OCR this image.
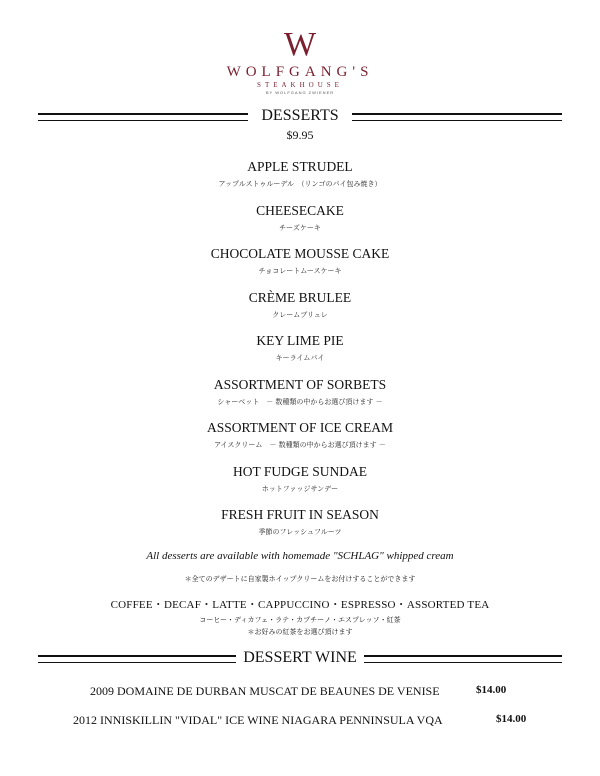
W
WOLFGANG'S
STEAKHOUSE
BY WOLFGANG ZWIENER
DESSERTS
$9.95
APPLE STRUDEL
アップルストゥルーデル　（リンゴのパイ包み焼き）
CHEESECAKE
チーズケーキ
CHOCOLATE MOUSSE CAKE
チョコレートムースケーキ
CRÈME BRULEE
クレームブリュレ
KEY LIME PIE
キーライムパイ
ASSORTMENT OF SORBETS
シャーベット　－ 数種類の中からお選び頂けます －
ASSORTMENT OF ICE CREAM
アイスクリーム　－ 数種類の中からお選び頂けます －
HOT FUDGE SUNDAE
ホットファッジサンデー
FRESH FRUIT IN SEASON
季節のフレッシュフルーツ
All desserts are available with homemade "SCHLAG" whipped cream
＊全てのデザートに自家製ホイップクリームをお付けすることができます
COFFEE・DECAF・LATTE・CAPPUCCINO・ESPRESSO・ASSORTED TEA
コーヒー・ディカフェ・ラテ・カプチーノ・エスプレッソ・紅茶
＊お好みの紅茶をお選び頂けます
DESSERT WINE
2009 DOMAINE DE DURBAN MUSCAT DE BEAUNES DE VENISE	$14.00
2012 INNISKILLIN "VIDAL" ICE WINE NIAGARA PENNINSULA VQA	$14.00
